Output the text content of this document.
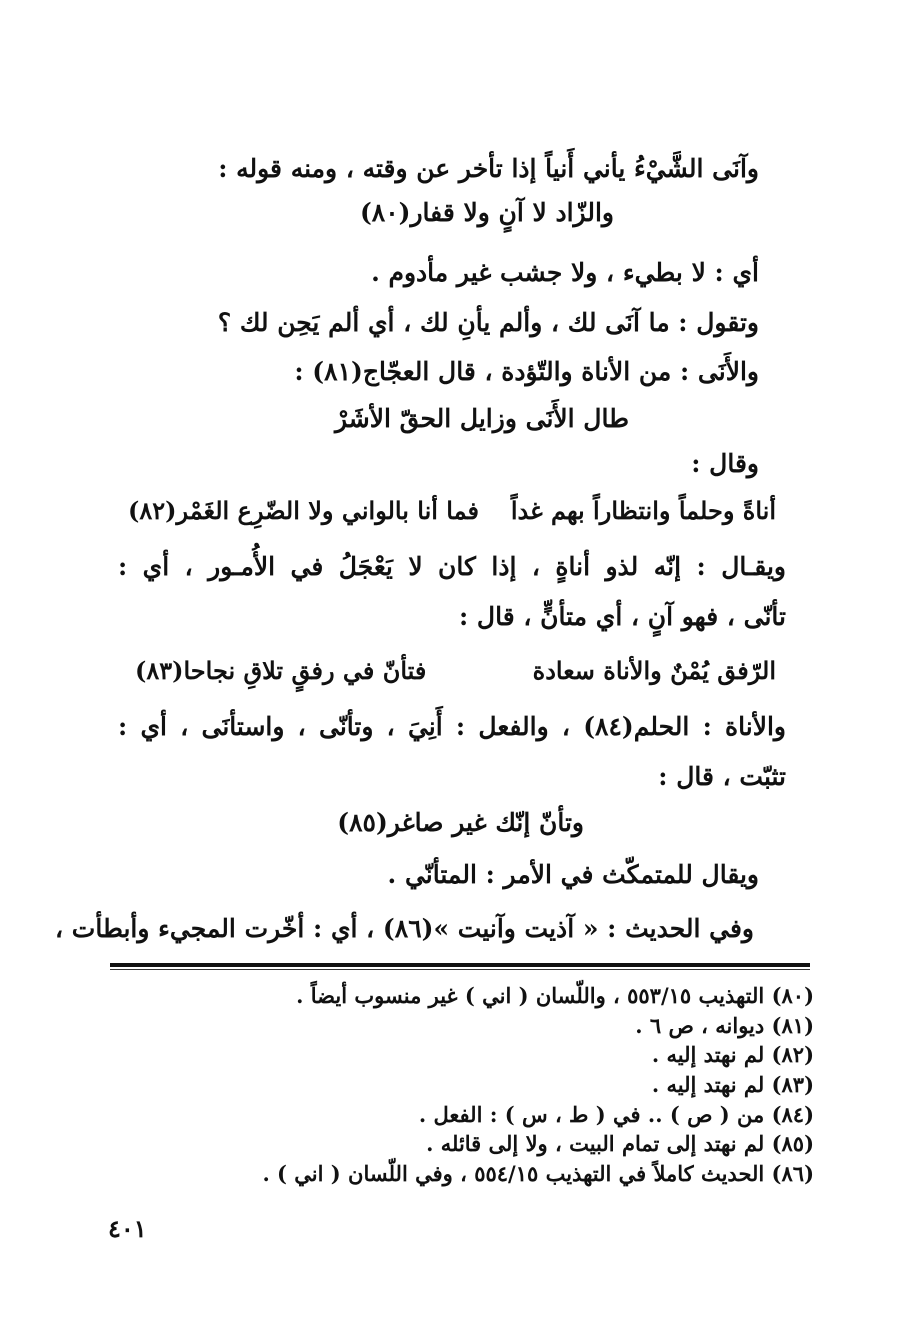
وآنَى الشَّيْءُ يأني أَنياً إذا تأخر عن وقته ، ومنه قوله :
والزّاد لا آنٍ ولا قفار(٨٠)
أي : لا بطيء ، ولا جشب غير مأدوم .
وتقول : ما آنَى لك ، وألم يأنِ لك ، أي ألم يَحِن لك ؟
والأَنَى : من الأناة والتّؤدة ، قال العجّاج(٨١) :
طال الأَنَى وزايل الحقّ الأشَرْ
وقال :
أناةً وحلماً وانتظاراً بهم غداً
فما أنا بالواني ولا الضّرِع الغَمْر(٨٢)
ويقـال : إنّه لذو أناةٍ ، إذا كان لا يَعْجَلُ في الأُمـور ، أي :
تأنّى ، فهو آنٍ ، أي متأنٍّ ، قال :
الرّفق يُمْنٌ والأناة سعادة
فتأنّ في رفقٍ تلاقِ نجاحا(٨٣)
والأناة : الحلم(٨٤) ، والفعل : أَنِيَ ، وتأنّى ، واستأنَى ، أي :
تثبّت ، قال :
وتأنّ إنّك غير صاغر(٨٥)
ويقال للمتمكّث في الأمر : المتأنّي .
وفي الحديث : « آذيت وآنيت »(٨٦) ، أي : أخّرت المجيء وأبطأت ،
(٨٠) التهذيب ٥٥٣/١٥ ، واللّسان ( اني ) غير منسوب أيضاً .
(٨١) ديوانه ، ص ٦ .
(٨٢) لم نهتد إليه .
(٨٣) لم نهتد إليه .
(٨٤) من ( ص ) .. في ( ط ، س ) : الفعل .
(٨٥) لم نهتد إلى تمام البيت ، ولا إلى قائله .
(٨٦) الحديث كاملاً في التهذيب ٥٥٤/١٥ ، وفي اللّسان ( اني ) .
٤٠١
